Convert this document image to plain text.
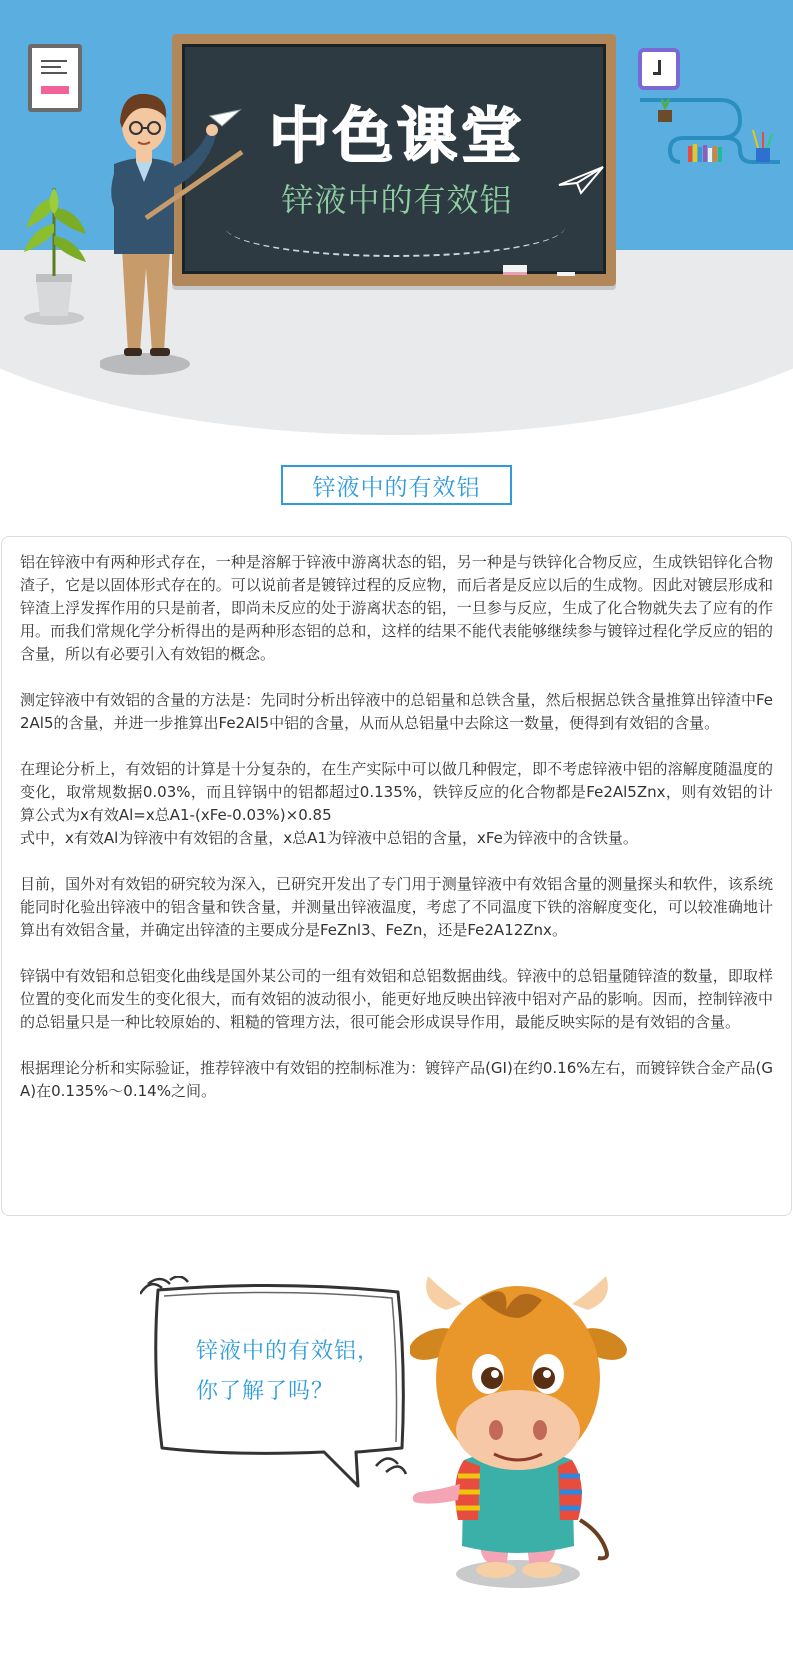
中色课堂
锌液中的有效铝
锌液中的有效铝

铝在锌液中有两种形式存在，一种是溶解于锌液中游离状态的铝，另一种是与铁锌化合物反应，生成铁铝锌化合物渣子，它是以固体形式存在的。可以说前者是镀锌过程的反应物，而后者是反应以后的生成物。因此对镀层形成和锌渣上浮发挥作用的只是前者，即尚未反应的处于游离状态的铝，一旦参与反应，生成了化合物就失去了应有的作用。而我们常规化学分析得出的是两种形态铝的总和，这样的结果不能代表能够继续参与镀锌过程化学反应的铝的含量，所以有必要引入有效铝的概念。

测定锌液中有效铝的含量的方法是：先同时分析出锌液中的总铝量和总铁含量，然后根据总铁含量推算出锌渣中Fe2Al5的含量，并进一步推算出Fe2Al5中铝的含量，从而从总铝量中去除这一数量，便得到有效铝的含量。

在理论分析上，有效铝的计算是十分复杂的，在生产实际中可以做几种假定，即不考虑锌液中铝的溶解度随温度的变化，取常规数据0.03%，而且锌锅中的铝都超过0.135%，铁锌反应的化合物都是Fe2Al5Znx，则有效铝的计算公式为x有效Al=x总A1-(xFe-0.03%)×0.85

式中，x有效Al为锌液中有效铝的含量，x总A1为锌液中总铝的含量，xFe为锌液中的含铁量。

目前，国外对有效铝的研究较为深入，已研究开发出了专门用于测量锌液中有效铝含量的测量探头和软件，该系统能同时化验出锌液中的铝含量和铁含量，并测量出锌液温度，考虑了不同温度下铁的溶解度变化，可以较准确地计算出有效铝含量，并确定出锌渣的主要成分是FeZnl3、FeZn，还是Fe2A12Znx。

锌锅中有效铝和总铝变化曲线是国外某公司的一组有效铝和总铝数据曲线。锌液中的总铝量随锌渣的数量，即取样位置的变化而发生的变化很大，而有效铝的波动很小，能更好地反映出锌液中铝对产品的影响。因而，控制锌液中的总铝量只是一种比较原始的、粗糙的管理方法，很可能会形成误导作用，最能反映实际的是有效铝的含量。

根据理论分析和实际验证，推荐锌液中有效铝的控制标准为：镀锌产品(GI)在约0.16%左右，而镀锌铁合金产品(GA)在0.135%～0.14%之间。

锌液中的有效铝，
你了解了吗？
